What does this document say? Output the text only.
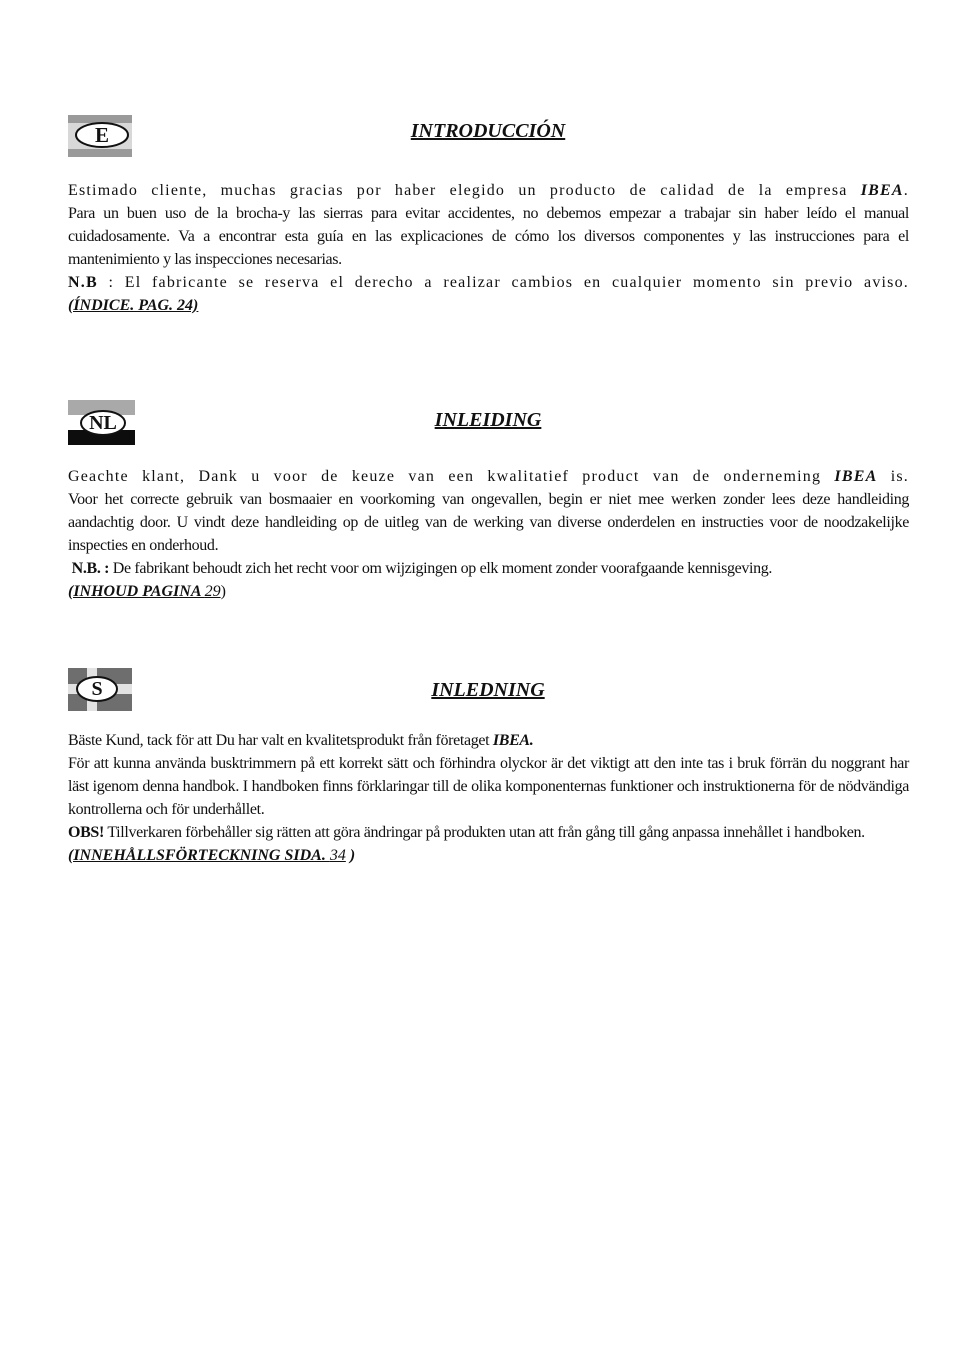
E	INTRODUCCIÓN

Estimado cliente, muchas gracias por haber elegido un producto de calidad de la empresa IBEA.

Para un buen uso de la brocha-y las sierras para evitar accidentes, no debemos empezar a trabajar sin haber leído el manual cuidadosamente. Va a encontrar esta guía en las explicaciones de cómo los diversos componentes y las instrucciones para el mantenimiento y las inspecciones necesarias.

N.B : El fabricante se reserva el derecho a realizar cambios en cualquier momento sin previo aviso.

(ÍNDICE. PAG. 24)

NL	INLEIDING

Geachte klant, Dank u voor de keuze van een kwalitatief product van de onderneming IBEA is.

Voor het correcte gebruik van bosmaaier en voorkoming van ongevallen, begin er niet mee werken zonder lees deze handleiding aandachtig door. U vindt deze handleiding op de uitleg van de werking van diverse onderdelen en instructies voor de noodzakelijke inspecties en onderhoud.

N.B. : De fabrikant behoudt zich het recht voor om wijzigingen op elk moment zonder voorafgaande kennisgeving.

(INHOUD PAGINA 29)

S	INLEDNING

Bäste Kund, tack för att Du har valt en kvalitetsprodukt från företaget IBEA.

För att kunna använda busktrimmern på ett korrekt sätt och förhindra olyckor är det viktigt att den inte tas i bruk förrän du noggrant har läst igenom denna handbok. I handboken finns förklaringar till de olika komponenternas funktioner och instruktionerna för de nödvändiga kontrollerna och för underhållet.

OBS! Tillverkaren förbehåller sig rätten att göra ändringar på produkten utan att från gång till gång anpassa innehållet i handboken.

(INNEHÅLLSFÖRTECKNING SIDA. 34 )
